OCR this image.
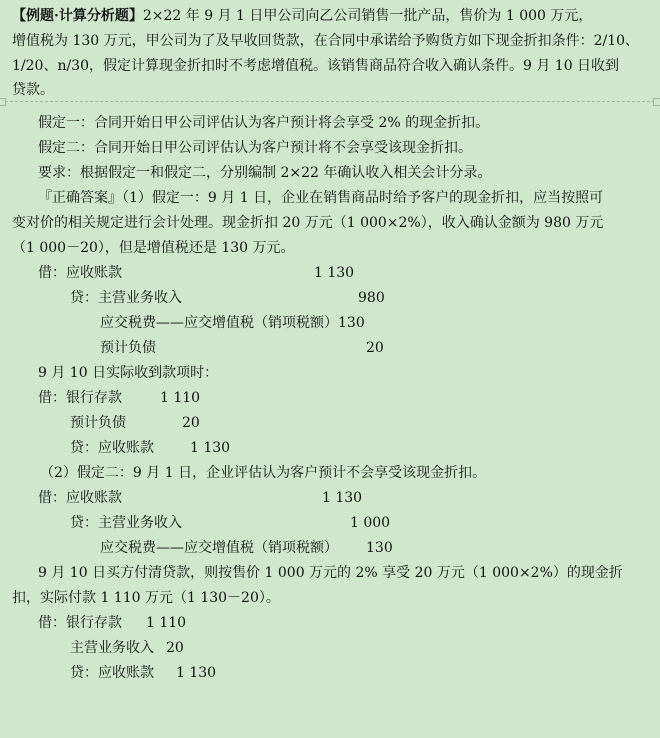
【例题·计算分析题】2×22 年 9 月 1 日甲公司向乙公司销售一批产品，售价为 1 000 万元，
增值税为 130 万元，甲公司为了及早收回货款，在合同中承诺给予购货方如下现金折扣条件：2/10、
1/20、n/30，假定计算现金折扣时不考虑增值税。该销售商品符合收入确认条件。9 月 10 日收到
贷款。
假定一：合同开始日甲公司评估认为客户预计将会享受 2% 的现金折扣。
假定二：合同开始日甲公司评估认为客户预计将不会享受该现金折扣。
要求：根据假定一和假定二，分别编制 2×22 年确认收入相关会计分录。
『正确答案』（1）假定一：9 月 1 日，企业在销售商品时给予客户的现金折扣，应当按照可
变对价的相关规定进行会计处理。现金折扣 20 万元（1 000×2%），收入确认金额为 980 万元
（1 000－20），但是增值税还是 130 万元。
借：应收账款	1 130
贷：主营业务收入	980
应交税费——应交增值税（销项税额）130
预计负债	20
9 月 10 日实际收到款项时：
借：银行存款	1 110
预计负债	20
贷：应收账款	1 130
（2）假定二：9 月 1 日，企业评估认为客户预计不会享受该现金折扣。
借：应收账款	1 130
贷：主营业务收入	1 000
应交税费——应交增值税（销项税额） 130
9 月 10 日买方付清贷款，则按售价 1 000 万元的 2% 享受 20 万元（1 000×2%）的现金折
扣，实际付款 1 110 万元（1 130－20）。
借：银行存款 1 110
主营业务收入 20
贷：应收账款 1 130
